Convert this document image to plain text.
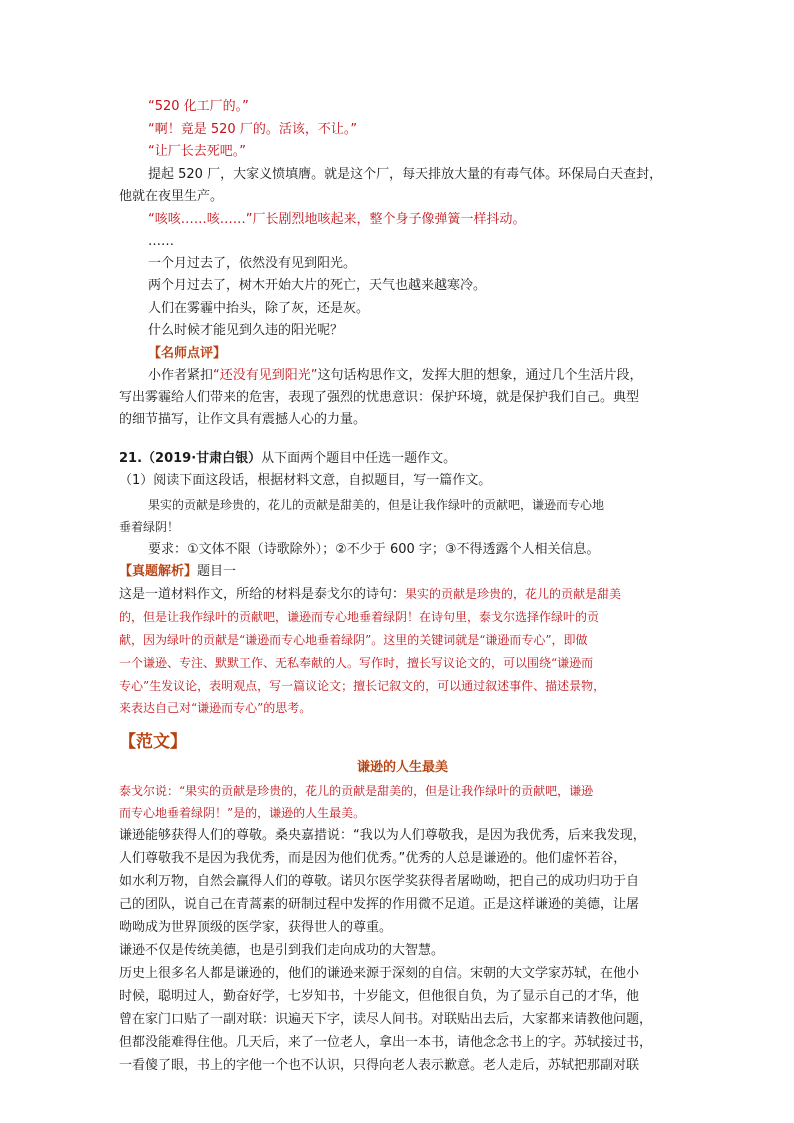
“520 化工厂的。”
“啊！竟是 520 厂的。活该，不让。”
“让厂长去死吧。”
提起 520 厂，大家义愤填膺。就是这个厂，每天排放大量的有毒气体。环保局白天查封，
他就在夜里生产。
“咳咳……咳……”厂长剧烈地咳起来，整个身子像弹簧一样抖动。
……
一个月过去了，依然没有见到阳光。
两个月过去了，树木开始大片的死亡，天气也越来越寒冷。
人们在雾霾中抬头，除了灰，还是灰。
什么时候才能见到久违的阳光呢？
【名师点评】
小作者紧扣“还没有见到阳光”这句话构思作文，发挥大胆的想象，通过几个生活片段，
写出雾霾给人们带来的危害，表现了强烈的忧患意识：保护环境，就是保护我们自己。典型
的细节描写，让作文具有震撼人心的力量。
21.（2019·甘肃白银）从下面两个题目中任选一题作文。
（1）阅读下面这段话，根据材料文意，自拟题目，写一篇作文。
果实的贡献是珍贵的，花儿的贡献是甜美的，但是让我作绿叶的贡献吧，谦逊而专心地
垂着绿阴！
要求：①文体不限（诗歌除外）；②不少于 600 字；③不得透露个人相关信息。
【真题解析】题目一
这是一道材料作文，所给的材料是泰戈尔的诗句：果实的贡献是珍贵的，花儿的贡献是甜美
的，但是让我作绿叶的贡献吧，谦逊而专心地垂着绿阴！在诗句里，泰戈尔选择作绿叶的贡
献，因为绿叶的贡献是“谦逊而专心地垂着绿阴”。这里的关键词就是“谦逊而专心”，即做
一个谦逊、专注、默默工作、无私奉献的人。写作时，擅长写议论文的，可以围绕“谦逊而
专心”生发议论，表明观点，写一篇议论文；擅长记叙文的，可以通过叙述事件、描述景物，
来表达自己对“谦逊而专心”的思考。
【范文】
谦逊的人生最美
泰戈尔说：“果实的贡献是珍贵的，花儿的贡献是甜美的，但是让我作绿叶的贡献吧，谦逊
而专心地垂着绿阴！”是的，谦逊的人生最美。
谦逊能够获得人们的尊敬。桑央嘉措说：“我以为人们尊敬我，是因为我优秀，后来我发现，
人们尊敬我不是因为我优秀，而是因为他们优秀。”优秀的人总是谦逊的。他们虚怀若谷，
如水利万物，自然会赢得人们的尊敬。诺贝尔医学奖获得者屠呦呦，把自己的成功归功于自
己的团队，说自己在青蒿素的研制过程中发挥的作用微不足道。正是这样谦逊的美德，让屠
呦呦成为世界顶级的医学家，获得世人的尊重。
谦逊不仅是传统美德，也是引到我们走向成功的大智慧。
历史上很多名人都是谦逊的，他们的谦逊来源于深刻的自信。宋朝的大文学家苏轼，在他小
时候，聪明过人，勤奋好学，七岁知书，十岁能文，但他很自负，为了显示自己的才华，他
曾在家门口贴了一副对联：识遍天下字，读尽人间书。对联贴出去后，大家都来请教他问题，
但都没能难得住他。几天后，来了一位老人，拿出一本书，请他念念书上的字。苏轼接过书，
一看傻了眼，书上的字他一个也不认识，只得向老人表示歉意。老人走后，苏轼把那副对联
